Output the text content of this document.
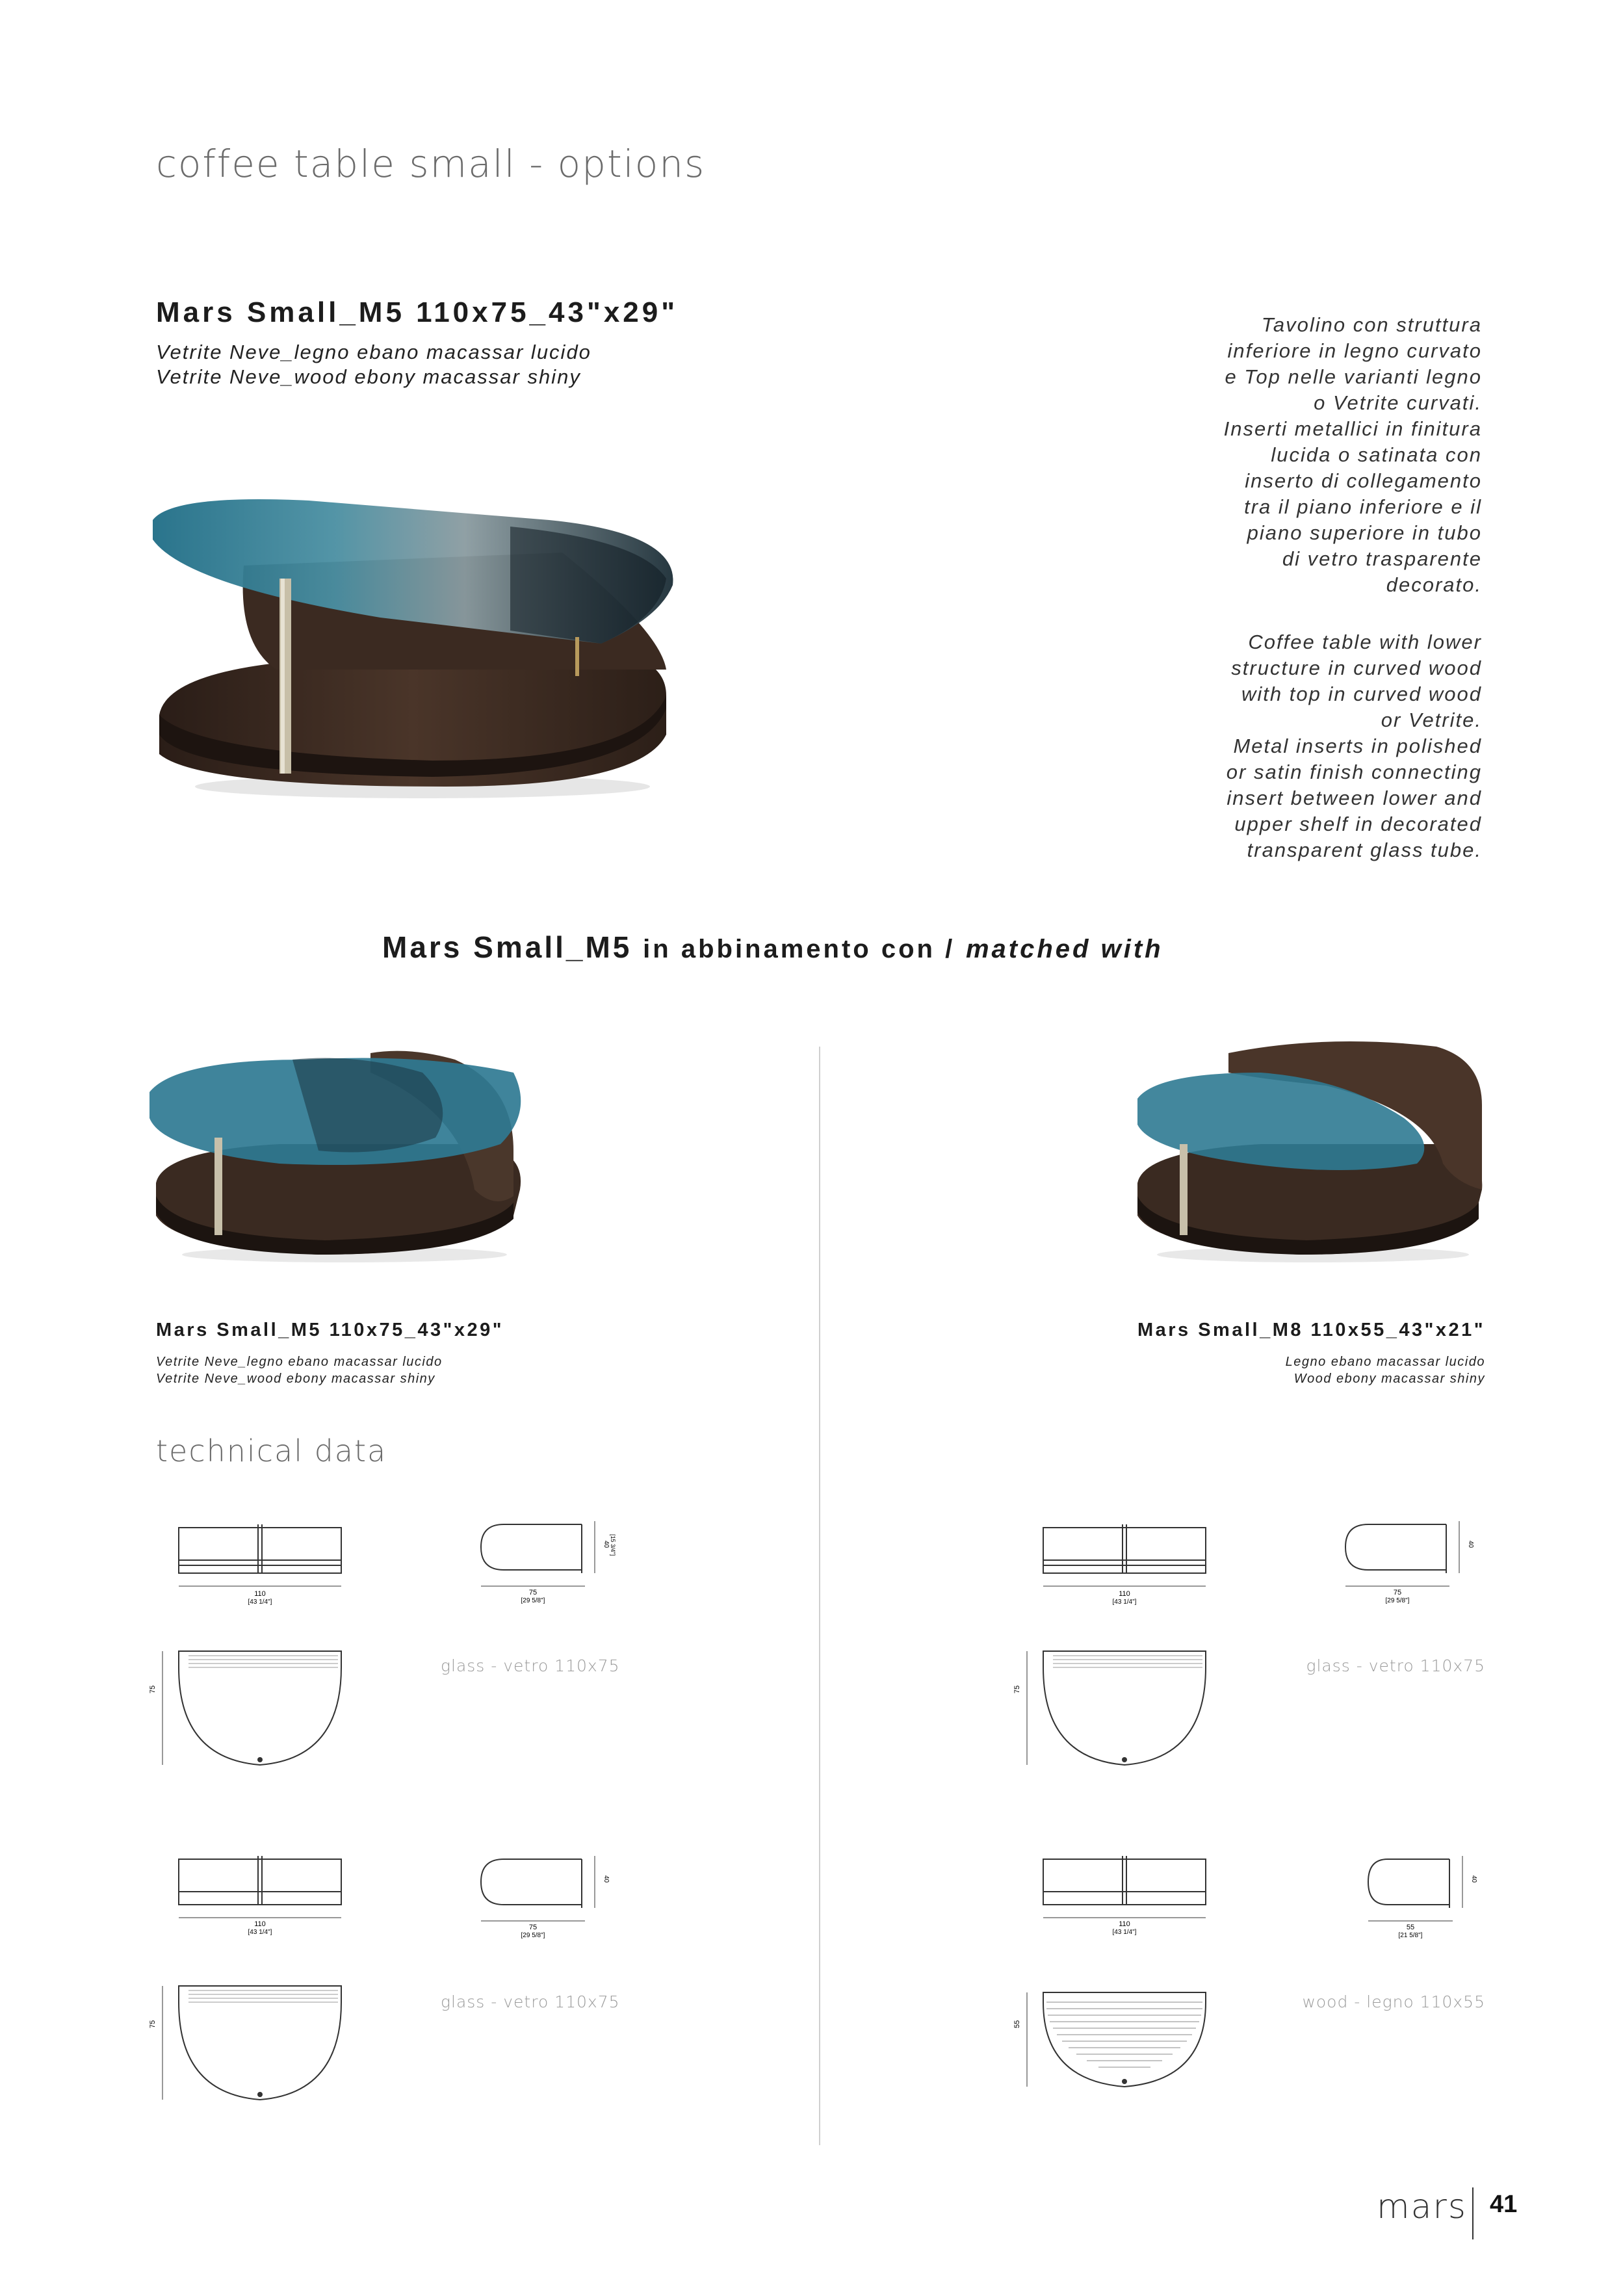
coffee table small - options
Mars Small_M5 110x75_43"x29"
Vetrite Neve_legno ebano macassar lucido
Vetrite Neve_wood ebony macassar shiny
Tavolino con struttura
inferiore in legno curvato
e Top nelle varianti legno
o Vetrite curvati.
Inserti metallici in finitura
lucida o satinata con
inserto di collegamento
tra il piano inferiore e il
piano superiore in tubo
di vetro trasparente
decorato.
Coffee table with lower
structure in curved wood
with top in curved wood
or Vetrite.
Metal inserts in polished
or satin finish connecting
insert between lower and
upper shelf in decorated
transparent glass tube.
Mars Small_M5 in abbinamento con / matched with
Mars Small_M5 110x75_43"x29"
Vetrite Neve_legno ebano macassar lucido
Vetrite Neve_wood ebony macassar shiny
Mars Small_M8 110x55_43"x21"
Legno ebano macassar lucido
Wood ebony macassar shiny
technical data
110
[43 1/4"]
75
[29 5/8"]
40 [15 3/4"]
75
glass - vetro 110x75
110
[43 1/4"]
75
[29 5/8"]
40
75
glass - vetro 110x75
110
[43 1/4"]
75
[29 5/8"]
40
75
glass - vetro 110x75
110
[43 1/4"]
55
[21 5/8"]
40
55
wood - legno 110x55
mars 41
